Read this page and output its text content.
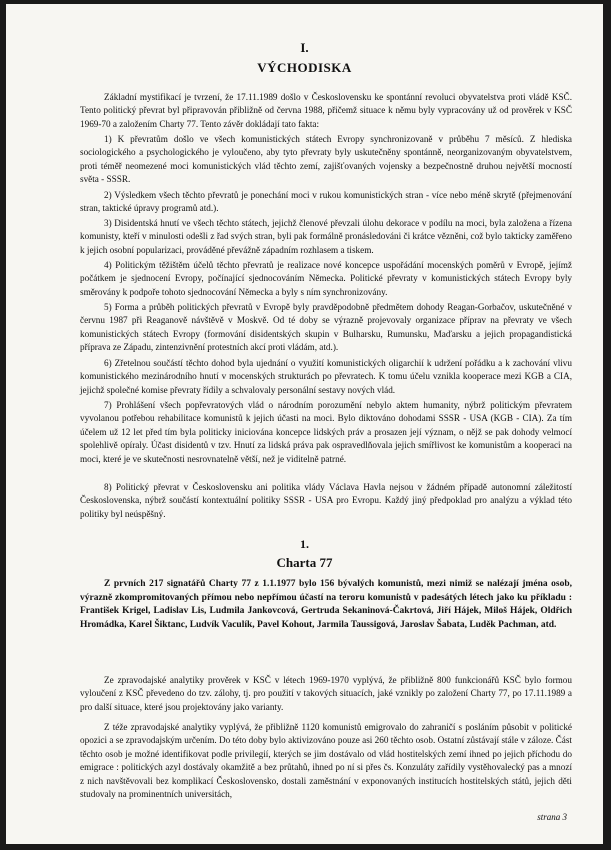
I.
VÝCHODISKA

Základní mystifikací je tvrzení, že 17.11.1989 došlo v Československu ke spontánní revoluci obyvatelstva proti vládě KSČ. Tento politický převrat byl připravován přibližně od června 1988, přičemž situace k němu byly vypracovány už od prověrek v KSČ 1969-70 a založením Charty 77. Tento závěr dokládají tato fakta:

1) K převratům došlo ve všech komunistických státech Evropy synchronizovaně v průběhu 7 měsíců. Z hlediska sociologického a psychologického je vyloučeno, aby tyto převraty byly uskutečněny spontánně, neorganizovaným obyvatelstvem, proti téměř neomezené moci komunistických vlád těchto zemí, zajišťovaných vojensky a bezpečnostně druhou největší mocností světa - SSSR.

2) Výsledkem všech těchto převratů je ponechání moci v rukou komunistických stran - více nebo méně skrytě (přejmenování stran, taktické úpravy programů atd.).

3) Disidentská hnutí ve všech těchto státech, jejichž členové převzali úlohu dekorace v podílu na moci, byla založena a řízena komunisty, kteří v minulosti odešli z řad svých stran, byli pak formálně pronásledováni či krátce vězněni, což bylo takticky zaměřeno k jejich osobní popularizaci, prováděné převážně západním rozhlasem a tiskem.

4) Politickým těžištěm účelů těchto převratů je realizace nové koncepce uspořádání mocenských poměrů v Evropě, jejímž počátkem je sjednocení Evropy, počínající sjednocováním Německa. Politické převraty v komunistických státech Evropy byly směrovány k podpoře tohoto sjednocování Německa a byly s ním synchronizovány.

5) Forma a průběh politických převratů v Evropě byly pravděpodobně předmětem dohody Reagan-Gorbačov, uskutečněné v červnu 1987 při Reaganově návštěvě v Moskvě. Od té doby se výrazně projevovaly organizace příprav na převraty ve všech komunistických státech Evropy (formování disidentských skupin v Bulharsku, Rumunsku, Maďarsku a jejich propagandistická příprava ze Západu, zintenzivnění protestních akcí proti vládám, atd.).

6) Zřetelnou součástí těchto dohod byla ujednání o využití komunistických oligarchií k udržení pořádku a k zachování vlivu komunistického mezinárodního hnutí v mocenských strukturách po převratech. K tomu účelu vznikla kooperace mezi KGB a CIA, jejichž společné komise převraty řídily a schvalovaly personální sestavy nových vlád.

7) Prohlášení všech popřevratových vlád o národním porozumění nebylo aktem humanity, nýbrž politickým převratem vyvolanou potřebou rehabilitace komunistů k jejich účasti na moci. Bylo diktováno dohodami SSSR - USA (KGB - CIA). Za tím účelem už 12 let před tím byla politicky iniciována koncepce lidských práv a prosazen její význam, o nějž se pak dohody velmocí spolehlivě opíraly. Účast disidentů v tzv. Hnutí za lidská práva pak ospravedlňovala jejich smířlivost ke komunistům a kooperaci na moci, které je ve skutečnosti nesrovnatelně větší, než je viditelně patrné.

8) Politický převrat v Československu ani politika vlády Václava Havla nejsou v žádném případě autonomní záležitostí Československa, nýbrž součástí kontextuální politiky SSSR - USA pro Evropu. Každý jiný předpoklad pro analýzu a výklad této politiky byl neúspěšný.

1.
Charta 77

Z prvních 217 signatářů Charty 77 z 1.1.1977 bylo 156 bývalých komunistů, mezi nimiž se nalézají jména osob, výrazně zkompromitovaných přímou nebo nepřímou účastí na teroru komunistů v padesátých létech jako ku příkladu : František Krigel, Ladislav Lis, Ludmila Jankovcová, Gertruda Sekaninová-Čakrtová, Jiří Hájek, Miloš Hájek, Oldřich Hromádka, Karel Šiktanc, Ludvík Vaculík, Pavel Kohout, Jarmila Taussigová, Jaroslav Šabata, Luděk Pachman, atd.

Ze zpravodajské analytiky prověrek v KSČ v létech 1969-1970 vyplývá, že přibližně 800 funkcionářů KSČ bylo formou vyloučení z KSČ převedeno do tzv. zálohy, tj. pro použití v takových situacích, jaké vznikly po založení Charty 77, po 17.11.1989 a pro další situace, které jsou projektovány jako varianty.

Z téže zpravodajské analytiky vyplývá, že přibližně 1120 komunistů emigrovalo do zahraničí s posláním působit v politické opozici a se zpravodajským určením. Do této doby bylo aktivizováno pouze asi 260 těchto osob. Ostatní zůstávají stále v záloze. Část těchto osob je možné identifikovat podle privilegií, kterých se jim dostávalo od vlád hostitelských zemí ihned po jejich příchodu do emigrace : politických azyl dostávaly okamžitě a bez průtahů, ihned po ní si přes čs. Konzuláty zařídily vystěhovalecký pas a mnozí z nich navštěvovali bez komplikací Československo, dostali zaměstnání v exponovaných institucích hostitelských států, jejich děti studovaly na prominentních universitách,

strana 3
